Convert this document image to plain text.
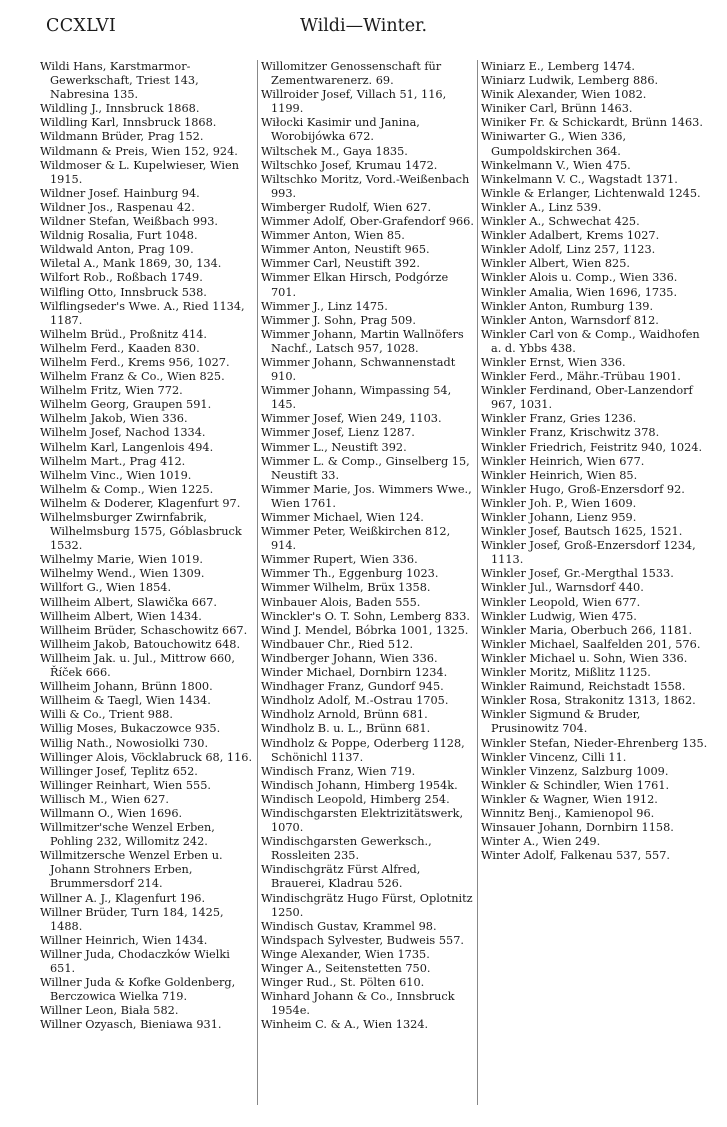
CCXLVI	Wildi—Winter.

Wildi Hans, Karstmarmor-Gewerkschaft, Triest 143, Nabresina 135.

Wildling J., Innsbruck 1868.

Wildling Karl, Innsbruck 1868.

Wildmann Brüder, Prag 152.

Wildmann & Preis, Wien 152, 924.

Wildmoser & L. Kupelwieser, Wien 1915.

Wildner Josef. Hainburg 94.

Wildner Jos., Raspenau 42.

Wildner Stefan, Weißbach 993.

Wildnig Rosalia, Furt 1048.

Wildwald Anton, Prag 109.

Wiletal A., Mank 1869, 30, 134.

Wilfort Rob., Roßbach 1749.

Wilfling Otto, Innsbruck 538.

Wilflingseder's Wwe. A., Ried 1134, 1187.

Wilhelm Brüd., Proßnitz 414.

Wilhelm Ferd., Kaaden 830.

Wilhelm Ferd., Krems 956, 1027.

Wilhelm Franz & Co., Wien 825.

Wilhelm Fritz, Wien 772.

Wilhelm Georg, Graupen 591.

Wilhelm Jakob, Wien 336.

Wilhelm Josef, Nachod 1334.

Wilhelm Karl, Langenlois 494.

Wilhelm Mart., Prag 412.

Wilhelm Vinc., Wien 1019.

Wilhelm & Comp., Wien 1225.

Wilhelm & Doderer, Klagenfurt 97.

Wilhelmsburger Zwirnfabrik, Wilhelmsburg 1575, Góblasbruck 1532.

Wilhelmy Marie, Wien 1019.

Wilhelmy Wend., Wien 1309.

Willfort G., Wien 1854.

Willheim Albert, Slawička 667.

Willheim Albert, Wien 1434.

Willheim Brüder, Schaschowitz 667.

Willheim Jakob, Batouchowitz 648.

Willheim Jak. u. Jul., Mittrow 660, Říček 666.

Willheim Johann, Brünn 1800.

Willheim & Taegl, Wien 1434.

Willi & Co., Trient 988.

Willig Moses, Bukaczowce 935.

Willig Nath., Nowosiolki 730.

Willinger Alois, Vöcklabruck 68, 116.

Willinger Josef, Teplitz 652.

Willinger Reinhart, Wien 555.

Willisch M., Wien 627.

Willmann O., Wien 1696.

Willmitzer'sche Wenzel Erben, Pohling 232, Willomitz 242.

Willmitzersche Wenzel Erben u. Johann Strohners Erben, Brummersdorf 214.

Willner A. J., Klagenfurt 196.

Willner Brüder, Turn 184, 1425, 1488.

Willner Heinrich, Wien 1434.

Willner Juda, Chodaczków Wielki 651.

Willner Juda & Kofke Goldenberg, Berczowica Wielka 719.

Willner Leon, Biała 582.

Willner Ozyasch, Bieniawa 931.

Willomitzer Genossenschaft für Zementwarenerz. 69.

Willroider Josef, Villach 51, 116, 1199.

Wiłocki Kasimir und Janina, Worobijówka 672.

Wiltschek M., Gaya 1835.

Wiltschko Josef, Krumau 1472.

Wiltschko Moritz, Vord.-Weißenbach 993.

Wimberger Rudolf, Wien 627.

Wimmer Adolf, Ober-Grafendorf 966.

Wimmer Anton, Wien 85.

Wimmer Anton, Neustift 965.

Wimmer Carl, Neustift 392.

Wimmer Elkan Hirsch, Podgórze 701.

Wimmer J., Linz 1475.

Wimmer J. Sohn, Prag 509.

Wimmer Johann, Martin Wallnöfers Nachf., Latsch 957, 1028.

Wimmer Johann, Schwannenstadt 910.

Wimmer Johann, Wimpassing 54, 145.

Wimmer Josef, Wien 249, 1103.

Wimmer Josef, Lienz 1287.

Wimmer L., Neustift 392.

Wimmer L. & Comp., Ginselberg 15, Neustift 33.

Wimmer Marie, Jos. Wimmers Wwe., Wien 1761.

Wimmer Michael, Wien 124.

Wimmer Peter, Weißkirchen 812, 914.

Wimmer Rupert, Wien 336.

Wimmer Th., Eggenburg 1023.

Wimmer Wilhelm, Brüx 1358.

Winbauer Alois, Baden 555.

Winckler's O. T. Sohn, Lemberg 833.

Wind J. Mendel, Bóbrka 1001, 1325.

Windbauer Chr., Ried 512.

Windberger Johann, Wien 336.

Winder Michael, Dornbirn 1234.

Windhager Franz, Gundorf 945.

Windholz Adolf, M.-Ostrau 1705.

Windholz Arnold, Brünn 681.

Windholz B. u. L., Brünn 681.

Windholz & Poppe, Oderberg 1128, Schönichl 1137.

Windisch Franz, Wien 719.

Windisch Johann, Himberg 1954k.

Windisch Leopold, Himberg 254.

Windischgarsten Elektrizitätswerk, 1070.

Windischgarsten Gewerksch., Rossleiten 235.

Windischgrätz Fürst Alfred, Brauerei, Kladrau 526.

Windischgrätz Hugo Fürst, Oplotnitz 1250.

Windisch Gustav, Krammel 98.

Windspach Sylvester, Budweis 557.

Winge Alexander, Wien 1735.

Winger A., Seitenstetten 750.

Winger Rud., St. Pölten 610.

Winhard Johann & Co., Innsbruck 1954e.

Winheim C. & A., Wien 1324.

Winiarz E., Lemberg 1474.

Winiarz Ludwik, Lemberg 886.

Winik Alexander, Wien 1082.

Winiker Carl, Brünn 1463.

Winiker Fr. & Schickardt, Brünn 1463.

Winiwarter G., Wien 336, Gumpoldskirchen 364.

Winkelmann V., Wien 475.

Winkelmann V. C., Wagstadt 1371.

Winkle & Erlanger, Lichtenwald 1245.

Winkler A., Linz 539.

Winkler A., Schwechat 425.

Winkler Adalbert, Krems 1027.

Winkler Adolf, Linz 257, 1123.

Winkler Albert, Wien 825.

Winkler Alois u. Comp., Wien 336.

Winkler Amalia, Wien 1696, 1735.

Winkler Anton, Rumburg 139.

Winkler Anton, Warnsdorf 812.

Winkler Carl von & Comp., Waidhofen a. d. Ybbs 438.

Winkler Ernst, Wien 336.

Winkler Ferd., Mähr.-Trübau 1901.

Winkler Ferdinand, Ober-Lanzendorf 967, 1031.

Winkler Franz, Gries 1236.

Winkler Franz, Krischwitz 378.

Winkler Friedrich, Feistritz 940, 1024.

Winkler Heinrich, Wien 677.

Winkler Heinrich, Wien 85.

Winkler Hugo, Groß-Enzersdorf 92.

Winkler Joh. P., Wien 1609.

Winkler Johann, Lienz 959.

Winkler Josef, Bautsch 1625, 1521.

Winkler Josef, Groß-Enzersdorf 1234, 1113.

Winkler Josef, Gr.-Mergthal 1533.

Winkler Jul., Warnsdorf 440.

Winkler Leopold, Wien 677.

Winkler Ludwig, Wien 475.

Winkler Maria, Oberbuch 266, 1181.

Winkler Michael, Saalfelden 201, 576.

Winkler Michael u. Sohn, Wien 336.

Winkler Moritz, Mißlitz 1125.

Winkler Raimund, Reichstadt 1558.

Winkler Rosa, Strakonitz 1313, 1862.

Winkler Sigmund & Bruder, Prusinowitz 704.

Winkler Stefan, Nieder-Ehrenberg 135.

Winkler Vincenz, Cilli 11.

Winkler Vinzenz, Salzburg 1009.

Winkler & Schindler, Wien 1761.

Winkler & Wagner, Wien 1912.

Winnitz Benj., Kamienopol 96.

Winsauer Johann, Dornbirn 1158.

Winter A., Wien 249.

Winter Adolf, Falkenau 537, 557.
